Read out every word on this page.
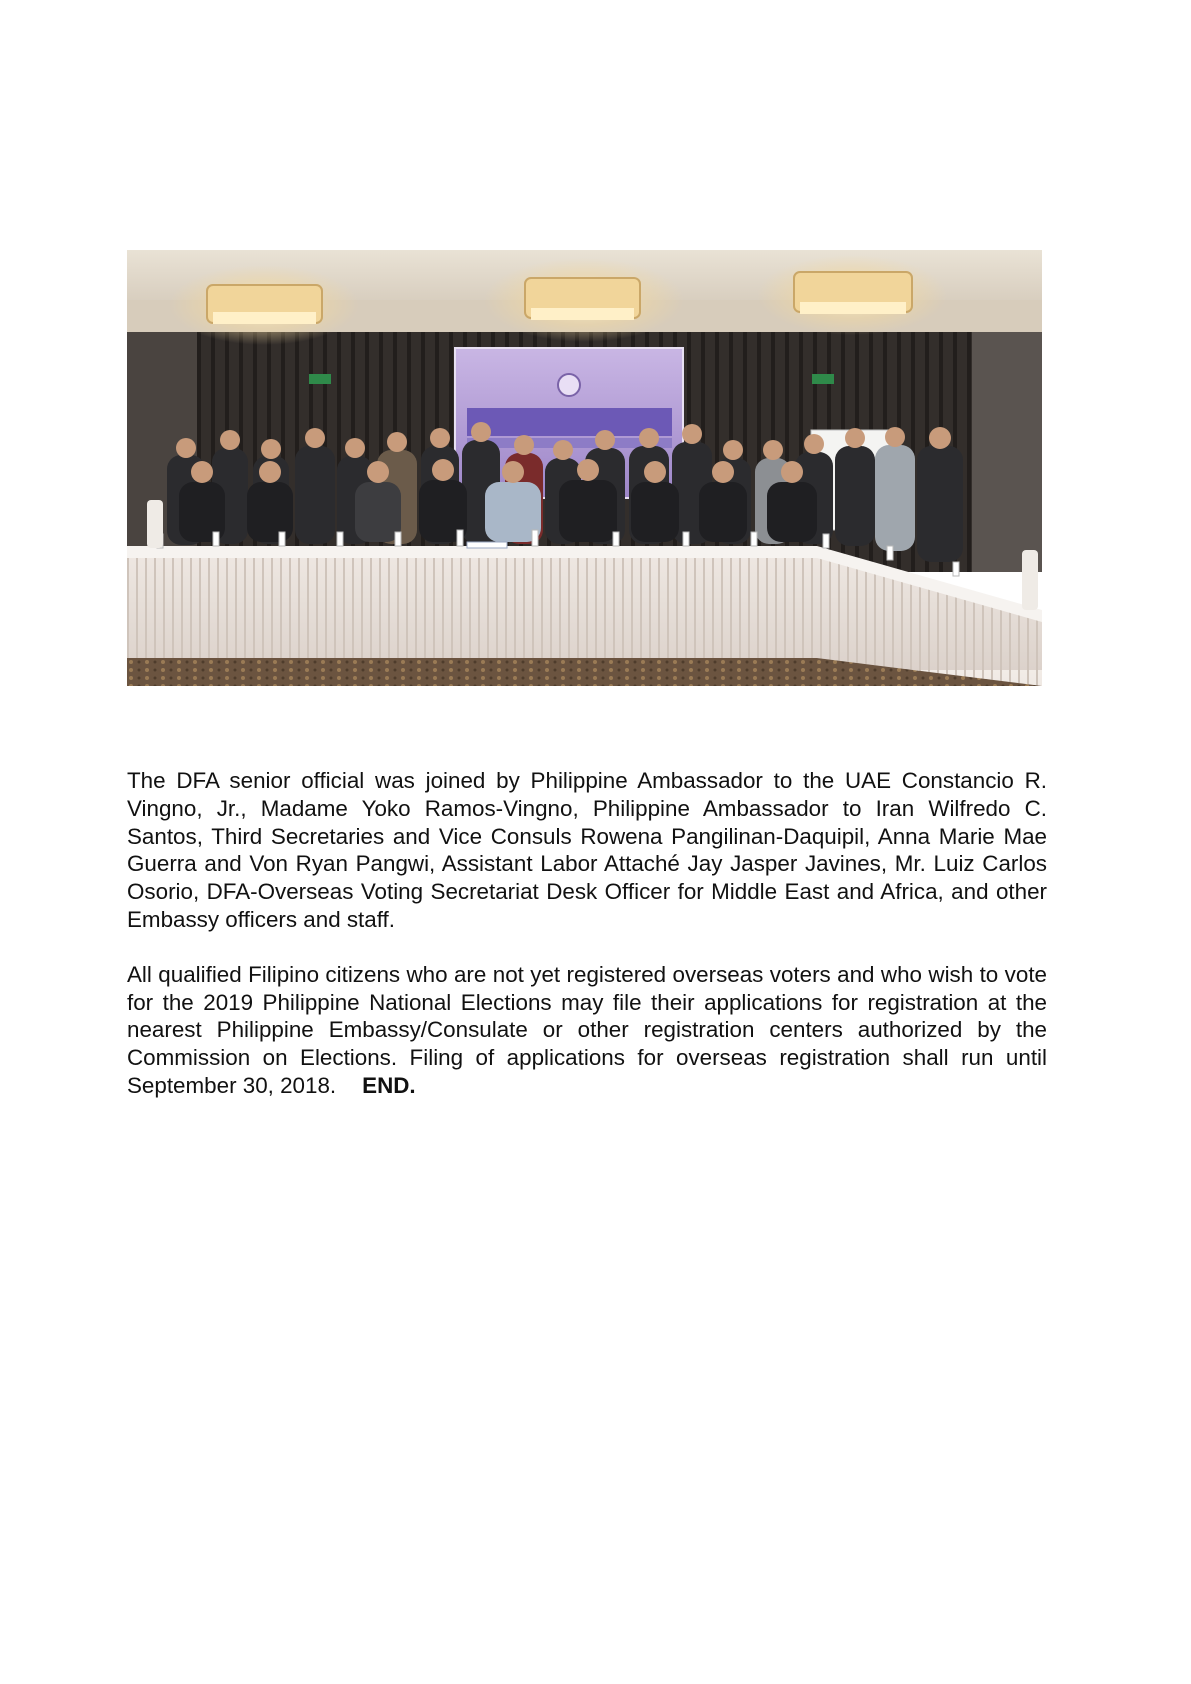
The DFA senior official was joined by Philippine Ambassador to the UAE Constancio R. Vingno, Jr., Madame Yoko Ramos-Vingno, Philippine Ambassador to Iran Wilfredo C. Santos, Third Secretaries and Vice Consuls Rowena Pangilinan-Daquipil, Anna Marie Mae Guerra and Von Ryan Pangwi, Assistant Labor Attaché Jay Jasper Javines, Mr. Luiz Carlos Osorio, DFA-Overseas Voting Secretariat Desk Officer for Middle East and Africa, and other Embassy officers and staff.

All qualified Filipino citizens who are not yet registered overseas voters and who wish to vote for the 2019 Philippine National Elections may file their applications for registration at the nearest Philippine Embassy/Consulate or other registration centers authorized by the Commission on Elections. Filing of applications for overseas registration shall run until September 30, 2018. END.
